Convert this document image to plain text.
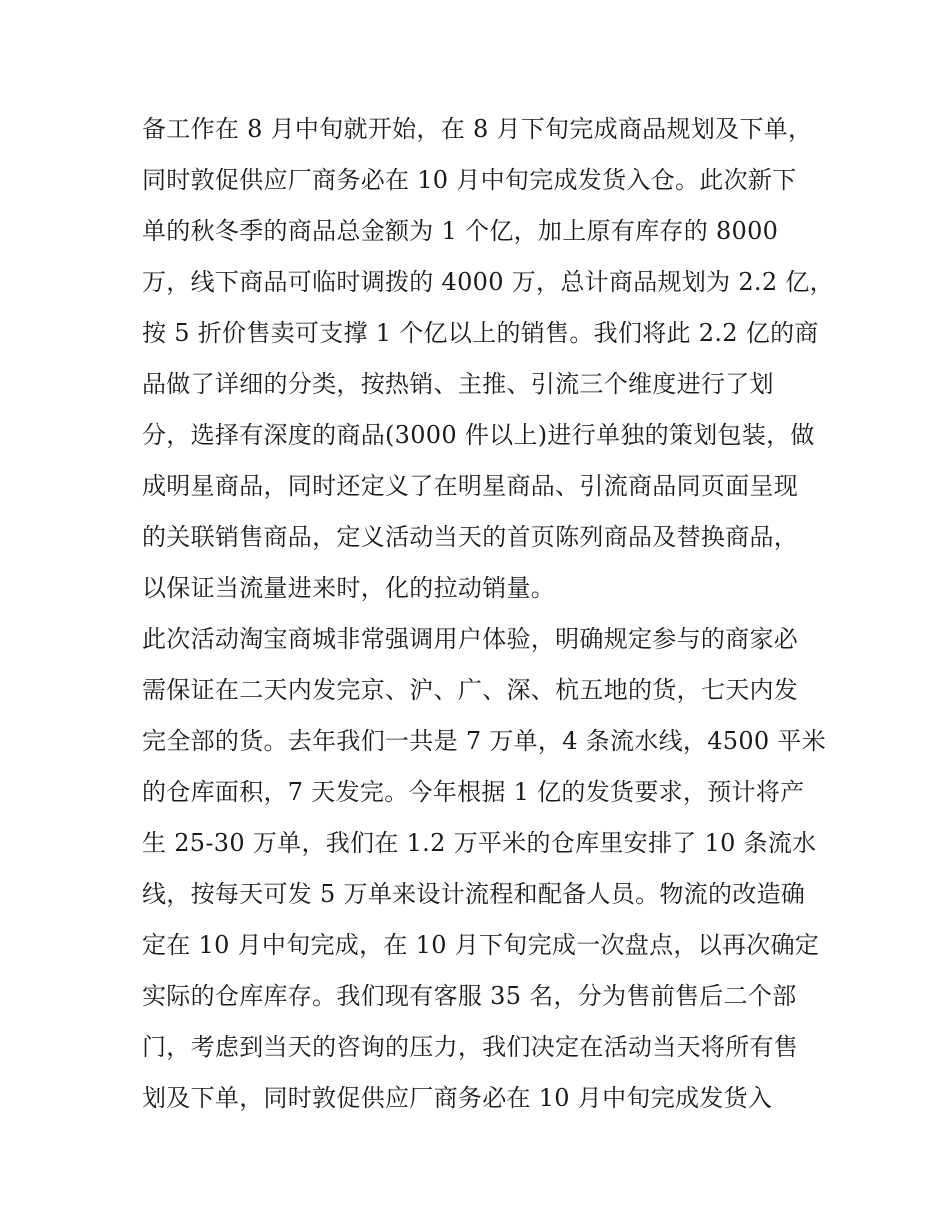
备工作在 8 月中旬就开始，在 8 月下旬完成商品规划及下单，
同时敦促供应厂商务必在 10 月中旬完成发货入仓。此次新下
单的秋冬季的商品总金额为 1 个亿，加上原有库存的 8000
万，线下商品可临时调拨的 4000 万，总计商品规划为 2.2 亿，
按 5 折价售卖可支撑 1 个亿以上的销售。我们将此 2.2 亿的商
品做了详细的分类，按热销、主推、引流三个维度进行了划
分，选择有深度的商品(3000 件以上)进行单独的策划包装，做
成明星商品，同时还定义了在明星商品、引流商品同页面呈现
的关联销售商品，定义活动当天的首页陈列商品及替换商品，
以保证当流量进来时，化的拉动销量。
此次活动淘宝商城非常强调用户体验，明确规定参与的商家必
需保证在二天内发完京、沪、广、深、杭五地的货，七天内发
完全部的货。去年我们一共是 7 万单，4 条流水线，4500 平米
的仓库面积，7 天发完。今年根据 1 亿的发货要求，预计将产
生 25-30 万单，我们在 1.2 万平米的仓库里安排了 10 条流水
线，按每天可发 5 万单来设计流程和配备人员。物流的改造确
定在 10 月中旬完成，在 10 月下旬完成一次盘点，以再次确定
实际的仓库库存。我们现有客服 35 名，分为售前售后二个部
门，考虑到当天的咨询的压力，我们决定在活动当天将所有售
划及下单，同时敦促供应厂商务必在 10 月中旬完成发货入
